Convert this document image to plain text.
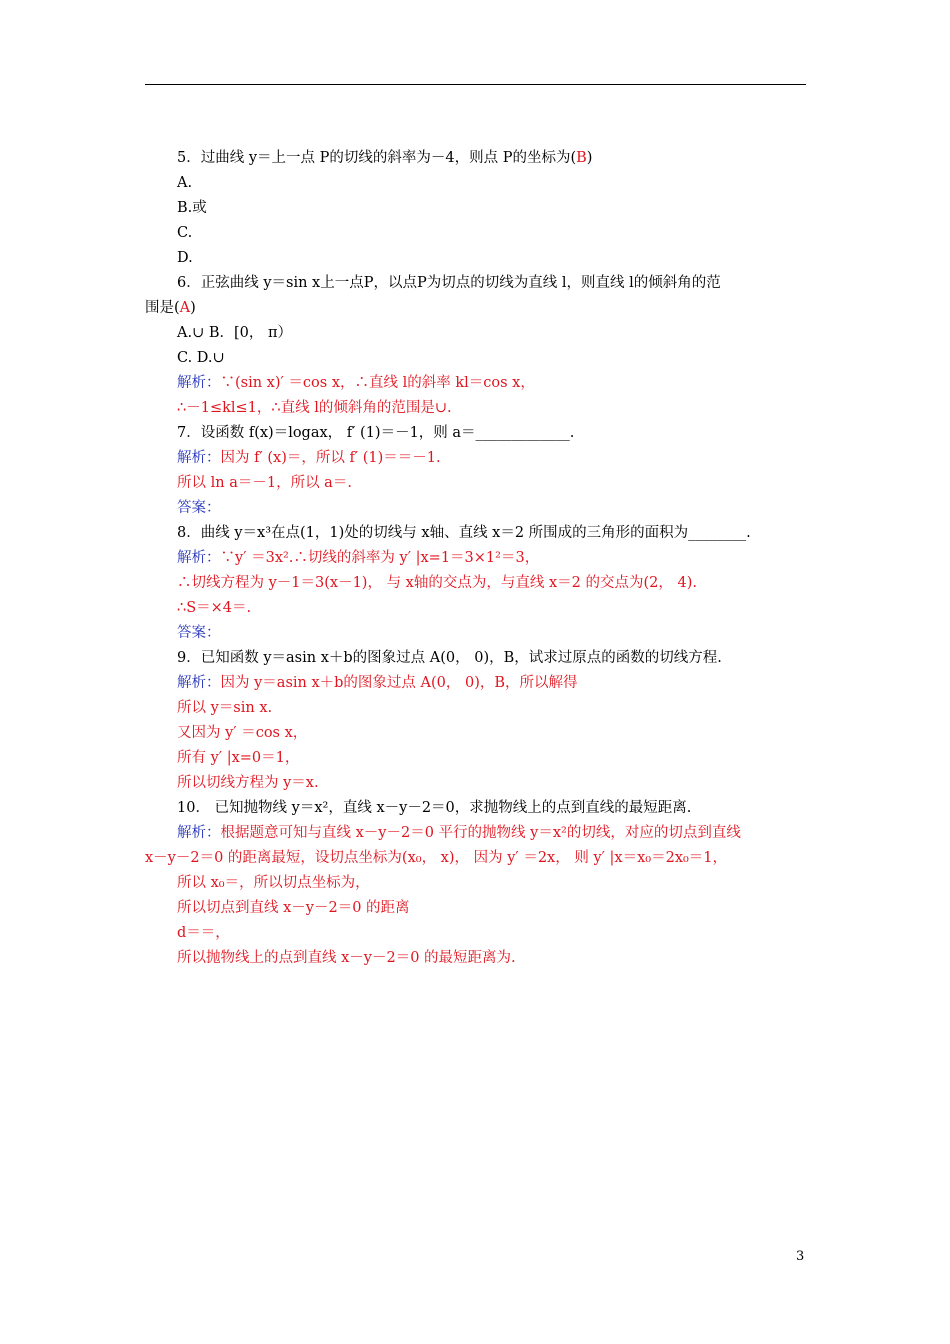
5．过曲线 y＝上一点 P的切线的斜率为－4，则点 P的坐标为(B)
A.
B.或
C.
D.
6．正弦曲线 y＝sin x上一点P，以点P为切点的切线为直线 l，则直线 l的倾斜角的范
围是(A)
A.∪ B．[0， π）
C. D.∪
解析：∵(sin x)′ ＝cos x，∴直线 l的斜率 kl＝cos x，
∴－1≤kl≤1，∴直线 l的倾斜角的范围是∪.
7．设函数 f(x)＝logax， f′ (1)＝－1，则 a＝_____________.
解析：因为 f′ (x)＝，所以 f′ (1)＝＝－1.
所以 ln a＝－1，所以 a＝.
答案：
8．曲线 y＝x³在点(1，1)处的切线与 x轴、直线 x＝2 所围成的三角形的面积为________.
解析：∵y′ ＝3x².∴切线的斜率为 y′ |x=1＝3×1²＝3，
∴切线方程为 y－1＝3(x－1)， 与 x轴的交点为，与直线 x＝2 的交点为(2， 4).
∴S＝×4＝.
答案：
9．已知函数 y＝asin x＋b的图象过点 A(0， 0)，B，试求过原点的函数的切线方程.
解析：因为 y＝asin x＋b的图象过点 A(0， 0)，B，所以解得
所以 y＝sin x.
又因为 y′ ＝cos x，
所有 y′ |x=0＝1，
所以切线方程为 y＝x.
10． 已知抛物线 y＝x²，直线 x－y－2＝0，求抛物线上的点到直线的最短距离.
解析：根据题意可知与直线 x－y－2＝0 平行的抛物线 y＝x²的切线，对应的切点到直线
x－y－2＝0 的距离最短，设切点坐标为(x₀， x)， 因为 y′ ＝2x， 则 y′ |x＝x₀＝2x₀＝1，
所以 x₀＝，所以切点坐标为，
所以切点到直线 x－y－2＝0 的距离
d＝＝，
所以抛物线上的点到直线 x－y－2＝0 的最短距离为.
3
